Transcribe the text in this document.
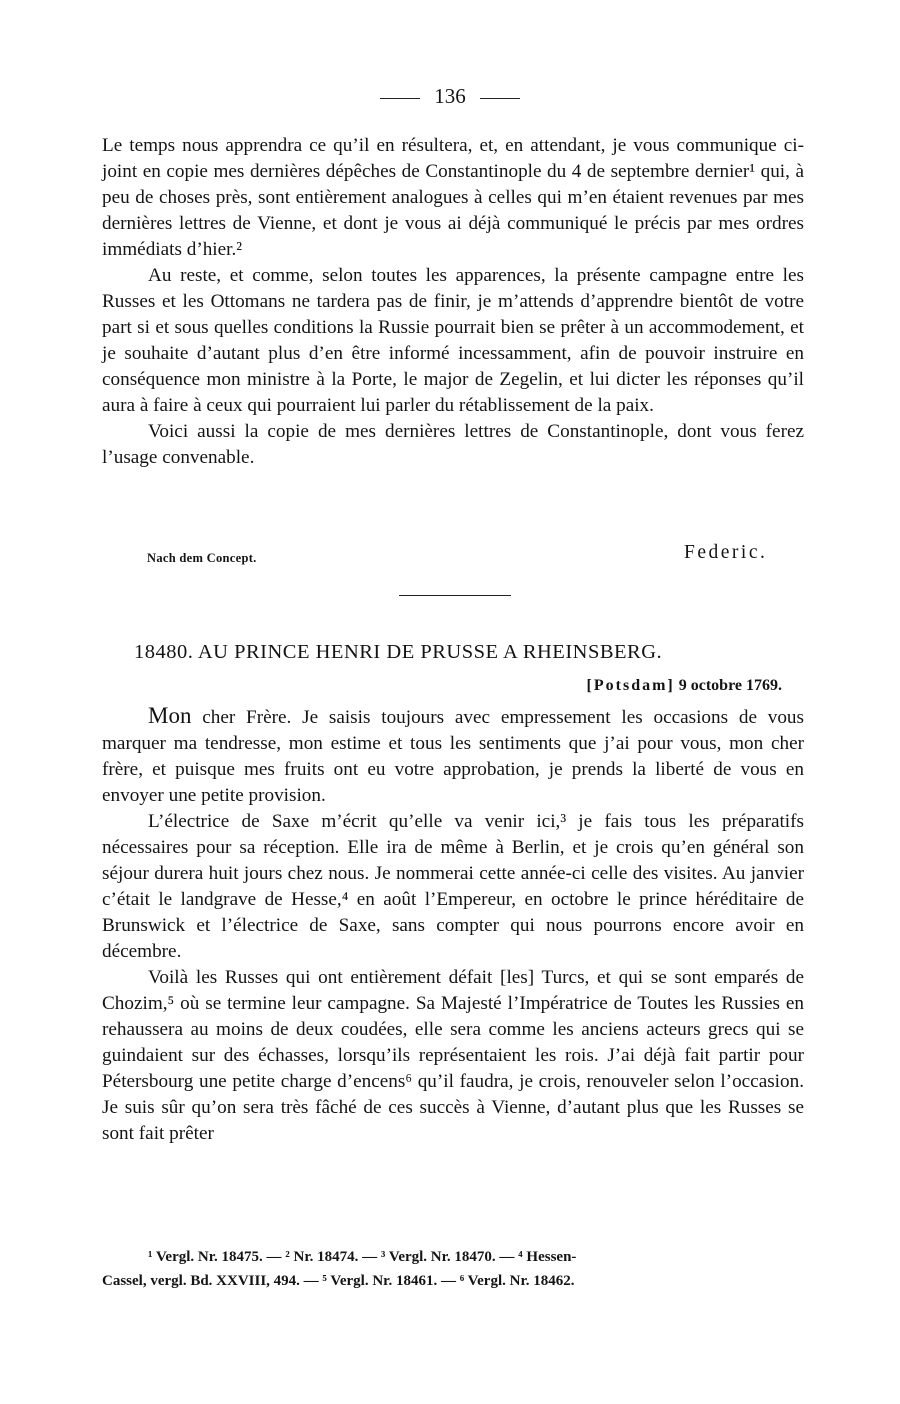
136

Le temps nous apprendra ce qu’il en résultera, et, en attendant, je vous communique ci-joint en copie mes dernières dépêches de Constantinople du 4 de septembre dernier¹ qui, à peu de choses près, sont entièrement analogues à celles qui m’en étaient revenues par mes dernières lettres de Vienne, et dont je vous ai déjà communiqué le précis par mes ordres immédiats d’hier.²

Au reste, et comme, selon toutes les apparences, la présente campagne entre les Russes et les Ottomans ne tardera pas de finir, je m’attends d’apprendre bientôt de votre part si et sous quelles conditions la Russie pourrait bien se prêter à un accommodement, et je souhaite d’autant plus d’en être informé incessamment, afin de pouvoir instruire en conséquence mon ministre à la Porte, le major de Zegelin, et lui dicter les réponses qu’il aura à faire à ceux qui pourraient lui parler du rétablissement de la paix.

Voici aussi la copie de mes dernières lettres de Constantinople, dont vous ferez l’usage convenable.

Nach dem Concept.	Federic.
18480. AU PRINCE HENRI DE PRUSSE A RHEINSBERG.
[Potsdam] 9 octobre 1769.

Mon cher Frère. Je saisis toujours avec empressement les occasions de vous marquer ma tendresse, mon estime et tous les sentiments que j’ai pour vous, mon cher frère, et puisque mes fruits ont eu votre approbation, je prends la liberté de vous en envoyer une petite provision.

L’électrice de Saxe m’écrit qu’elle va venir ici,³ je fais tous les préparatifs nécessaires pour sa réception. Elle ira de même à Berlin, et je crois qu’en général son séjour durera huit jours chez nous. Je nommerai cette année-ci celle des visites. Au janvier c’était le landgrave de Hesse,⁴ en août l’Empereur, en octobre le prince héréditaire de Brunswick et l’électrice de Saxe, sans compter qui nous pourrons encore avoir en décembre.

Voilà les Russes qui ont entièrement défait [les] Turcs, et qui se sont emparés de Chozim,⁵ où se termine leur campagne. Sa Majesté l’Impératrice de Toutes les Russies en rehaussera au moins de deux coudées, elle sera comme les anciens acteurs grecs qui se guindaient sur des échasses, lorsqu’ils représentaient les rois. J’ai déjà fait partir pour Pétersbourg une petite charge d’encens⁶ qu’il faudra, je crois, renouveler selon l’occasion. Je suis sûr qu’on sera très fâché de ces succès à Vienne, d’autant plus que les Russes se sont fait prêter

¹ Vergl. Nr. 18475. — ² Nr. 18474. — ³ Vergl. Nr. 18470. — ⁴ Hessen-

Cassel, vergl. Bd. XXVIII, 494. — ⁵ Vergl. Nr. 18461. — ⁶ Vergl. Nr. 18462.
